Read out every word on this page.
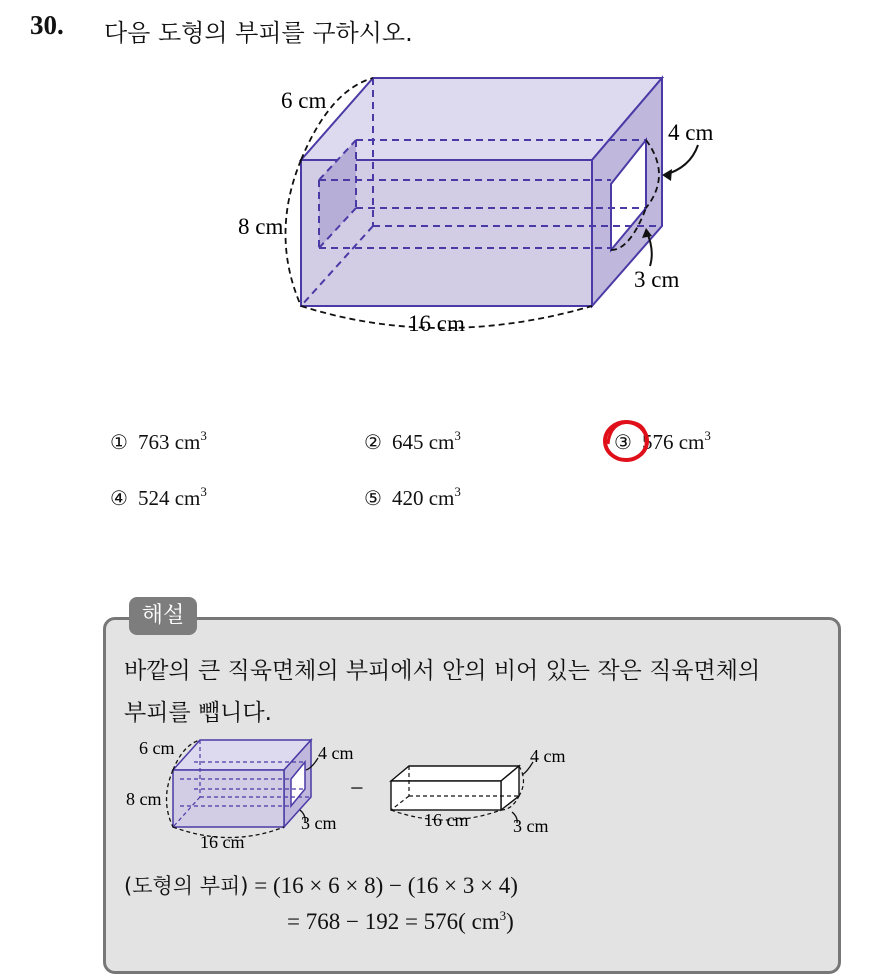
30. 다음 도형의 부피를 구하시오.
6 cm
8 cm
16 cm
4 cm
3 cm
① 763 $cm^3$	② 645 $cm^3$	③ 576 $cm^3$
④ 524 $cm^3$	⑤ 420 $cm^3$
해설
바깥의 큰 직육면체의 부피에서 안의 비어 있는 작은 직육면체의
부피를 뺍니다.
6 cm
8 cm
16 cm
4 cm
3 cm
−
4 cm
16 cm 3 cm
(도형의 부피) = (16 × 6 × 8) − (16 × 3 × 4)
= 768 − 192 = 576( $cm^3$)
